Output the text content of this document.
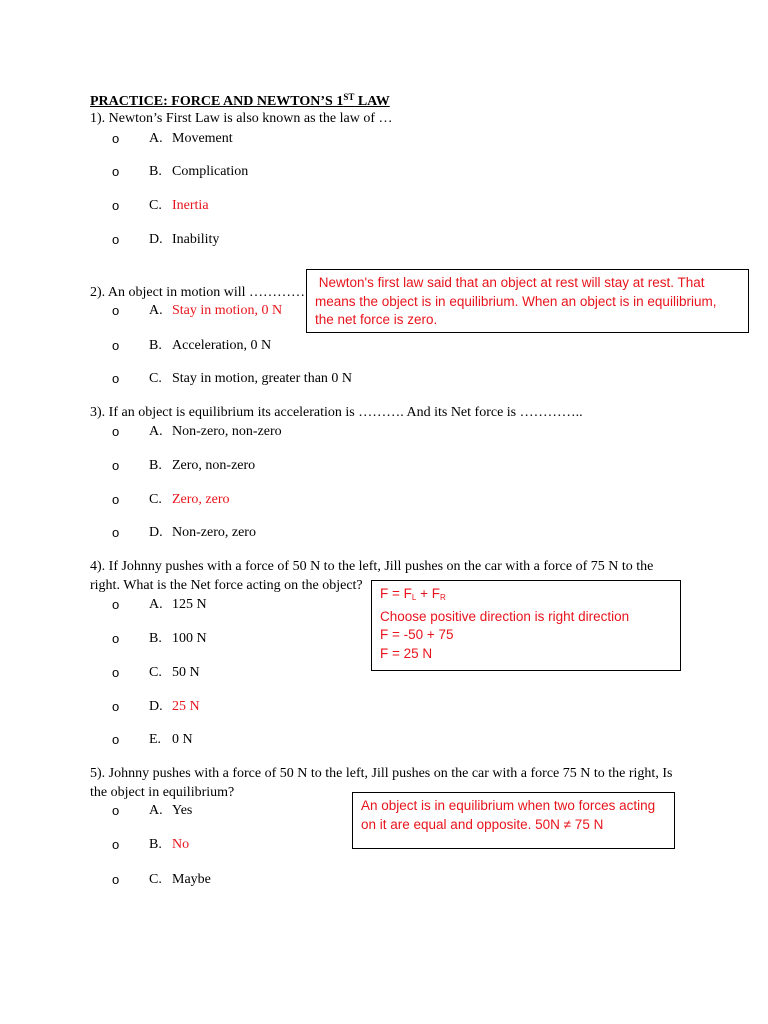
PRACTICE: FORCE AND NEWTON’S 1ST LAW
1). Newton’s First Law is also known as the law of …
o A. Movement
o B. Complication
o C. Inertia
o D. Inability
2). An object in motion will …………
o A. Stay in motion, 0 N
o B. Acceleration, 0 N
o C. Stay in motion, greater than 0 N
Newton's first law said that an object at rest will stay at rest. That
means the object is in equilibrium. When an object is in equilibrium,
the net force is zero.
3). If an object is equilibrium its acceleration is ………. And its Net force is …………..
o A. Non-zero, non-zero
o B. Zero, non-zero
o C. Zero, zero
o D. Non-zero, zero
4). If Johnny pushes with a force of 50 N to the left, Jill pushes on the car with a force of 75 N to the
right. What is the Net force acting on the object?
o A. 125 N
o B. 100 N
o C. 50 N
o D. 25 N
o E. 0 N
$F = F_L + F_R$
Choose positive direction is right direction
F = -50 + 75
F = 25 N
5). Johnny pushes with a force of 50 N to the left, Jill pushes on the car with a force 75 N to the right, Is
the object in equilibrium?
o A. Yes
o B. No
o C. Maybe
An object is in equilibrium when two forces acting
on it are equal and opposite. 50N ≠ 75 N
